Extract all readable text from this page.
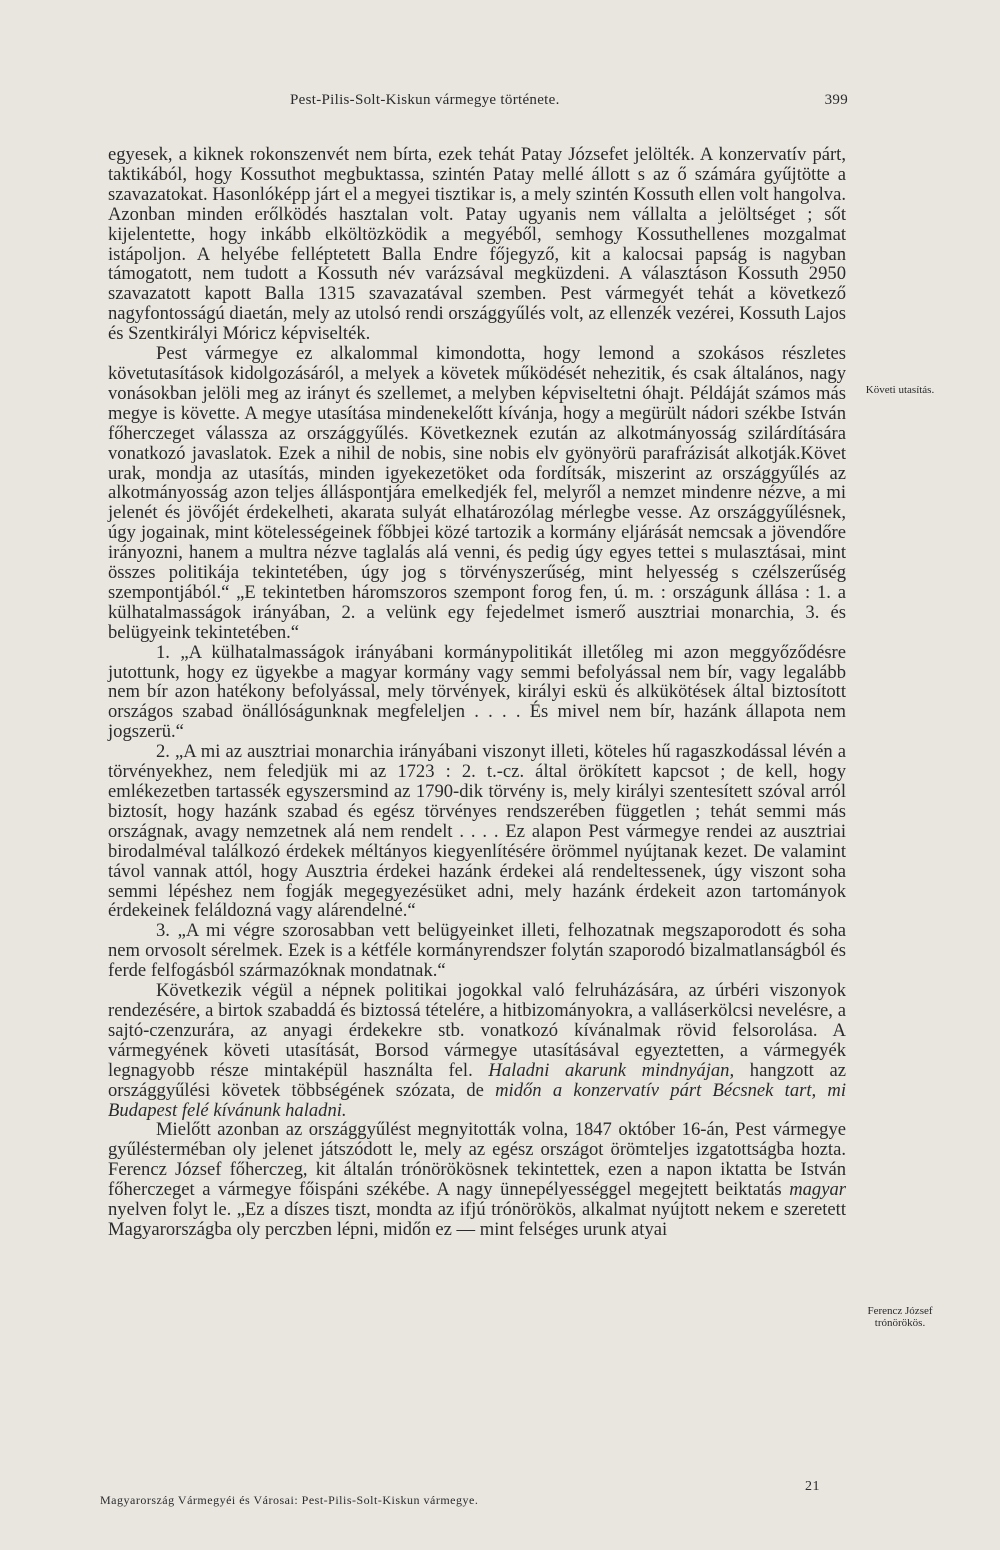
Pest-Pilis-Solt-Kiskun vármegye története.	399

egyesek, a kiknek rokonszenvét nem bírta, ezek tehát Patay Józsefet jelölték. A konzervatív párt, taktikából, hogy Kossuthot megbuktassa, szintén Patay mellé állott s az ő számára gyűjtötte a szavazatokat. Hasonlóképp járt el a megyei tisztikar is, a mely szintén Kossuth ellen volt hangolva. Azonban minden erőlködés hasztalan volt. Patay ugyanis nem vállalta a jelöltséget ; sőt kijelentette, hogy inkább elköltözködik a megyéből, semhogy Kossuthellenes mozgalmat istápoljon. A helyébe felléptetett Balla Endre főjegyző, kit a kalocsai papság is nagyban támogatott, nem tudott a Kossuth név varázsával megküzdeni. A választáson Kossuth 2950 szavazatott kapott Balla 1315 szavazatával szemben. Pest vármegyét tehát a következő nagyfontosságú diaetán, mely az utolsó rendi országgyűlés volt, az ellenzék vezérei, Kossuth Lajos és Szentkirályi Móricz képviselték.

Pest vármegye ez alkalommal kimondotta, hogy lemond a szokásos részletes követutasítások kidolgozásáról, a melyek a követek működését nehezitik, és csak általános, nagy vonásokban jelöli meg az irányt és szellemet, a melyben képviseltetni óhajt. Példáját számos más megye is követte. A megye utasítása mindenekelőtt kívánja, hogy a megürült nádori székbe István főherczeget válassza az országgyűlés. Következnek ezután az alkotmányosság szilárdítására vonatkozó javaslatok. Ezek a nihil de nobis, sine nobis elv gyönyörü parafrázisát alkotják.Követ urak, mondja az utasítás, minden igyekezetöket oda fordítsák, miszerint az országgyűlés az alkotmányosság azon teljes álláspontjára emelkedjék fel, melyről a nemzet mindenre nézve, a mi jelenét és jövőjét érdekelheti, akarata sulyát elhatározólag mérlegbe vesse. Az országgyűlésnek, úgy jogainak, mint kötelességeinek főbbjei közé tartozik a kormány eljárását nemcsak a jövendőre irányozni, hanem a multra nézve taglalás alá venni, és pedig úgy egyes tettei s mulasztásai, mint összes politikája tekintetében, úgy jog s törvényszerűség, mint helyesség s czélszerűség szempontjából.“ „E tekintetben háromszoros szempont forog fen, ú. m. : országunk állása : 1. a külhatalmasságok irányában, 2. a velünk egy fejedelmet ismerő ausztriai monarchia, 3. és belügyeink tekintetében.“

1. „A külhatalmasságok irányábani kormánypolitikát illetőleg mi azon meggyőződésre jutottunk, hogy ez ügyekbe a magyar kormány vagy semmi befolyással nem bír, vagy legalább nem bír azon hatékony befolyással, mely törvények, királyi eskü és alkükötések által biztosított országos szabad önállóságunknak megfeleljen . . . . És mivel nem bír, hazánk állapota nem jogszerü.“

2. „A mi az ausztriai monarchia irányábani viszonyt illeti, köteles hű ragaszkodással lévén a törvényekhez, nem feledjük mi az 1723 : 2. t.-cz. által örökített kapcsot ; de kell, hogy emlékezetben tartassék egyszersmind az 1790-dik törvény is, mely királyi szentesített szóval arról biztosít, hogy hazánk szabad és egész törvényes rendszerében független ; tehát semmi más országnak, avagy nemzetnek alá nem rendelt . . . . Ez alapon Pest vármegye rendei az ausztriai birodalméval találkozó érdekek méltányos kiegyenlítésére örömmel nyújtanak kezet. De valamint távol vannak attól, hogy Ausztria érdekei hazánk érdekei alá rendeltessenek, úgy viszont soha semmi lépéshez nem fogják megegyezésüket adni, mely hazánk érdekeit azon tartományok érdekeinek feláldozná vagy alárendelné.“

3. „A mi végre szorosabban vett belügyeinket illeti, felhozatnak megszaporodott és soha nem orvosolt sérelmek. Ezek is a kétféle kormányrendszer folytán szaporodó bizalmatlanságból és ferde felfogásból származóknak mondatnak.“

Következik végül a népnek politikai jogokkal való felruházására, az úrbéri viszonyok rendezésére, a birtok szabaddá és biztossá tételére, a hitbizományokra, a valláserkölcsi nevelésre, a sajtó-czenzurára, az anyagi érdekekre stb. vonatkozó kívánalmak rövid felsorolása. A vármegyének követi utasítását, Borsod vármegye utasításával egyeztetten, a vármegyék legnagyobb része mintaképül használta fel. Haladni akarunk mindnyájan, hangzott az országgyűlési követek többségének szózata, de midőn a konzervatív párt Bécsnek tart, mi Budapest felé kívánunk haladni.

Mielőtt azonban az országgyűlést megnyitották volna, 1847 október 16-án, Pest vármegye gyűlésterméban oly jelenet játszódott le, mely az egész országot örömteljes izgatottságba hozta. Ferencz József főherczeg, kit általán trónörökösnek tekintettek, ezen a napon iktatta be István főherczeget a vármegye főispáni székébe. A nagy ünnepélyességgel megejtett beiktatás magyar nyelven folyt le. „Ez a díszes tiszt, mondta az ifjú trónörökös, alkalmat nyújtott nekem e szeretett Magyarországba oly perczben lépni, midőn ez — mint felséges urunk atyai

Követi utasítás.
Ferencz József trónörökös.
21
Magyarország Vármegyéi és Városai: Pest-Pilis-Solt-Kiskun vármegye.
